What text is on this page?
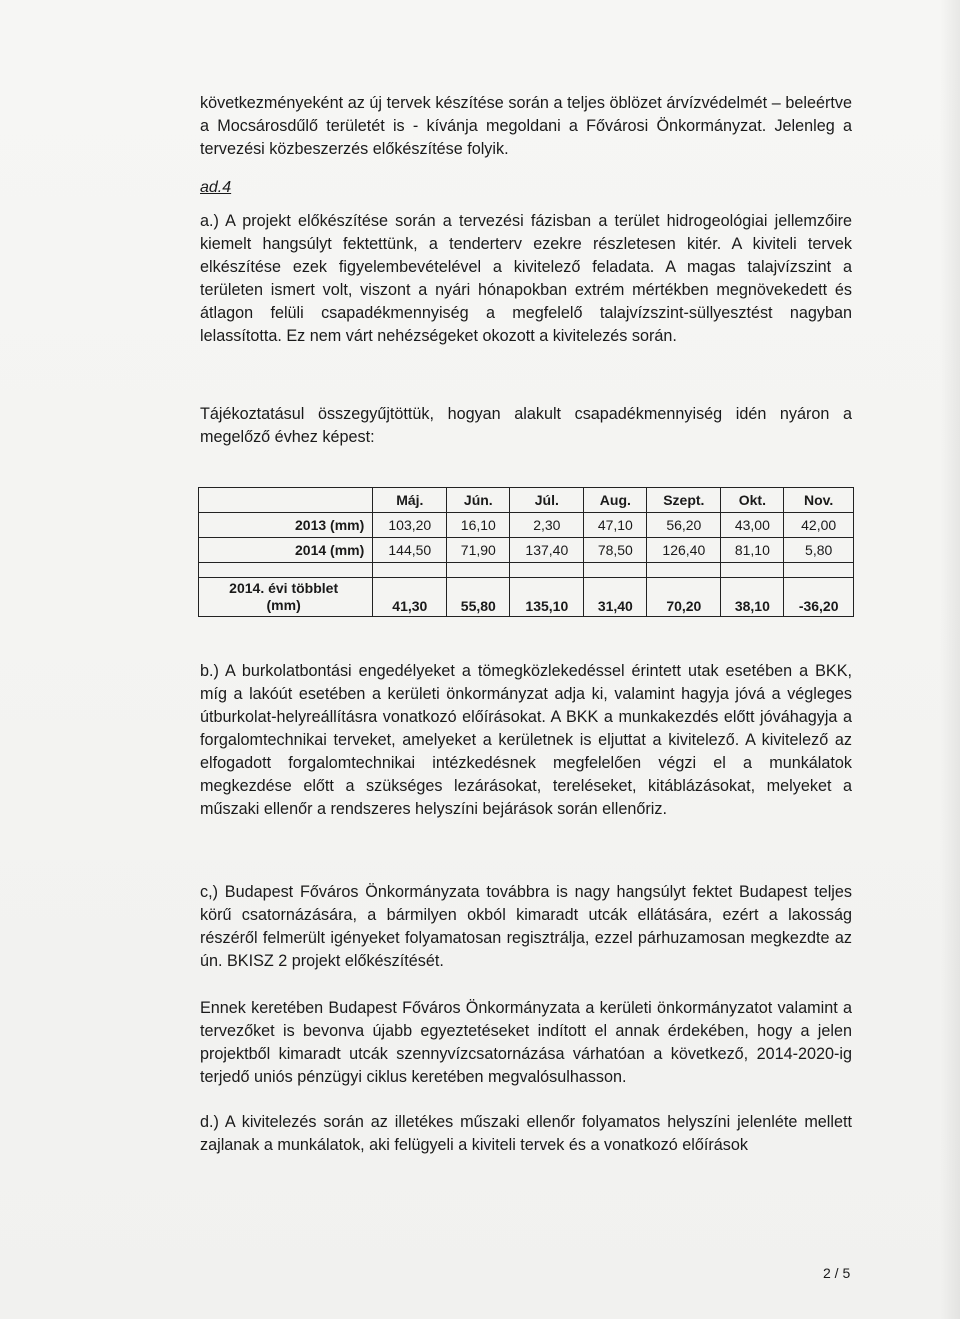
következményeként az új tervek készítése során a teljes öblözet árvízvédelmét – beleértve a Mocsárosdűlő területét is - kívánja megoldani a Fővárosi Önkormányzat. Jelenleg a tervezési közbeszerzés előkészítése folyik.

ad.4

a.) A projekt előkészítése során a tervezési fázisban a terület hidrogeológiai jellemzőire kiemelt hangsúlyt fektettünk, a tenderterv ezekre részletesen kitér. A kiviteli tervek elkészítése ezek figyelembevételével a kivitelező feladata. A magas talajvízszint a területen ismert volt, viszont a nyári hónapokban extrém mértékben megnövekedett és átlagon felüli csapadékmennyiség a megfelelő talajvízszint-süllyesztést nagyban lelassította. Ez nem várt nehézségeket okozott a kivitelezés során.

Tájékoztatásul összegyűjtöttük, hogyan alakult csapadékmennyiség idén nyáron a megelőző évhez képest:

	Máj.	Jún.	Júl.	Aug.	Szept.	Okt.	Nov.
2013 (mm)	103,20	16,10	2,30	47,10	56,20	43,00	42,00
2014 (mm)	144,50	71,90	137,40	78,50	126,40	81,10	5,80

2014. évi többlet
(mm)	41,30	55,80	135,10	31,40	70,20	38,10	-36,20

b.) A burkolatbontási engedélyeket a tömegközlekedéssel érintett utak esetében a BKK, míg a lakóút esetében a kerületi önkormányzat adja ki, valamint hagyja jóvá a végleges útburkolat-helyreállításra vonatkozó előírásokat. A BKK a munkakezdés előtt jóváhagyja a forgalomtechnikai terveket, amelyeket a kerületnek is eljuttat a kivitelező. A kivitelező az elfogadott forgalomtechnikai intézkedésnek megfelelően végzi el a munkálatok megkezdése előtt a szükséges lezárásokat, tereléseket, kitáblázásokat, melyeket a műszaki ellenőr a rendszeres helyszíni bejárások során ellenőriz.

c,) Budapest Főváros Önkormányzata továbbra is nagy hangsúlyt fektet Budapest teljes körű csatornázására, a bármilyen okból kimaradt utcák ellátására, ezért a lakosság részéről felmerült igényeket folyamatosan regisztrálja, ezzel párhuzamosan megkezdte az ún. BKISZ 2 projekt előkészítését.

Ennek keretében Budapest Főváros Önkormányzata a kerületi önkormányzatot valamint a tervezőket is bevonva újabb egyeztetéseket indított el annak érdekében, hogy a jelen projektből kimaradt utcák szennyvízcsatornázása várhatóan a következő, 2014-2020-ig terjedő uniós pénzügyi ciklus keretében megvalósulhasson.

d.) A kivitelezés során az illetékes műszaki ellenőr folyamatos helyszíni jelenléte mellett zajlanak a munkálatok, aki felügyeli a kiviteli tervek és a vonatkozó előírások

2 / 5
